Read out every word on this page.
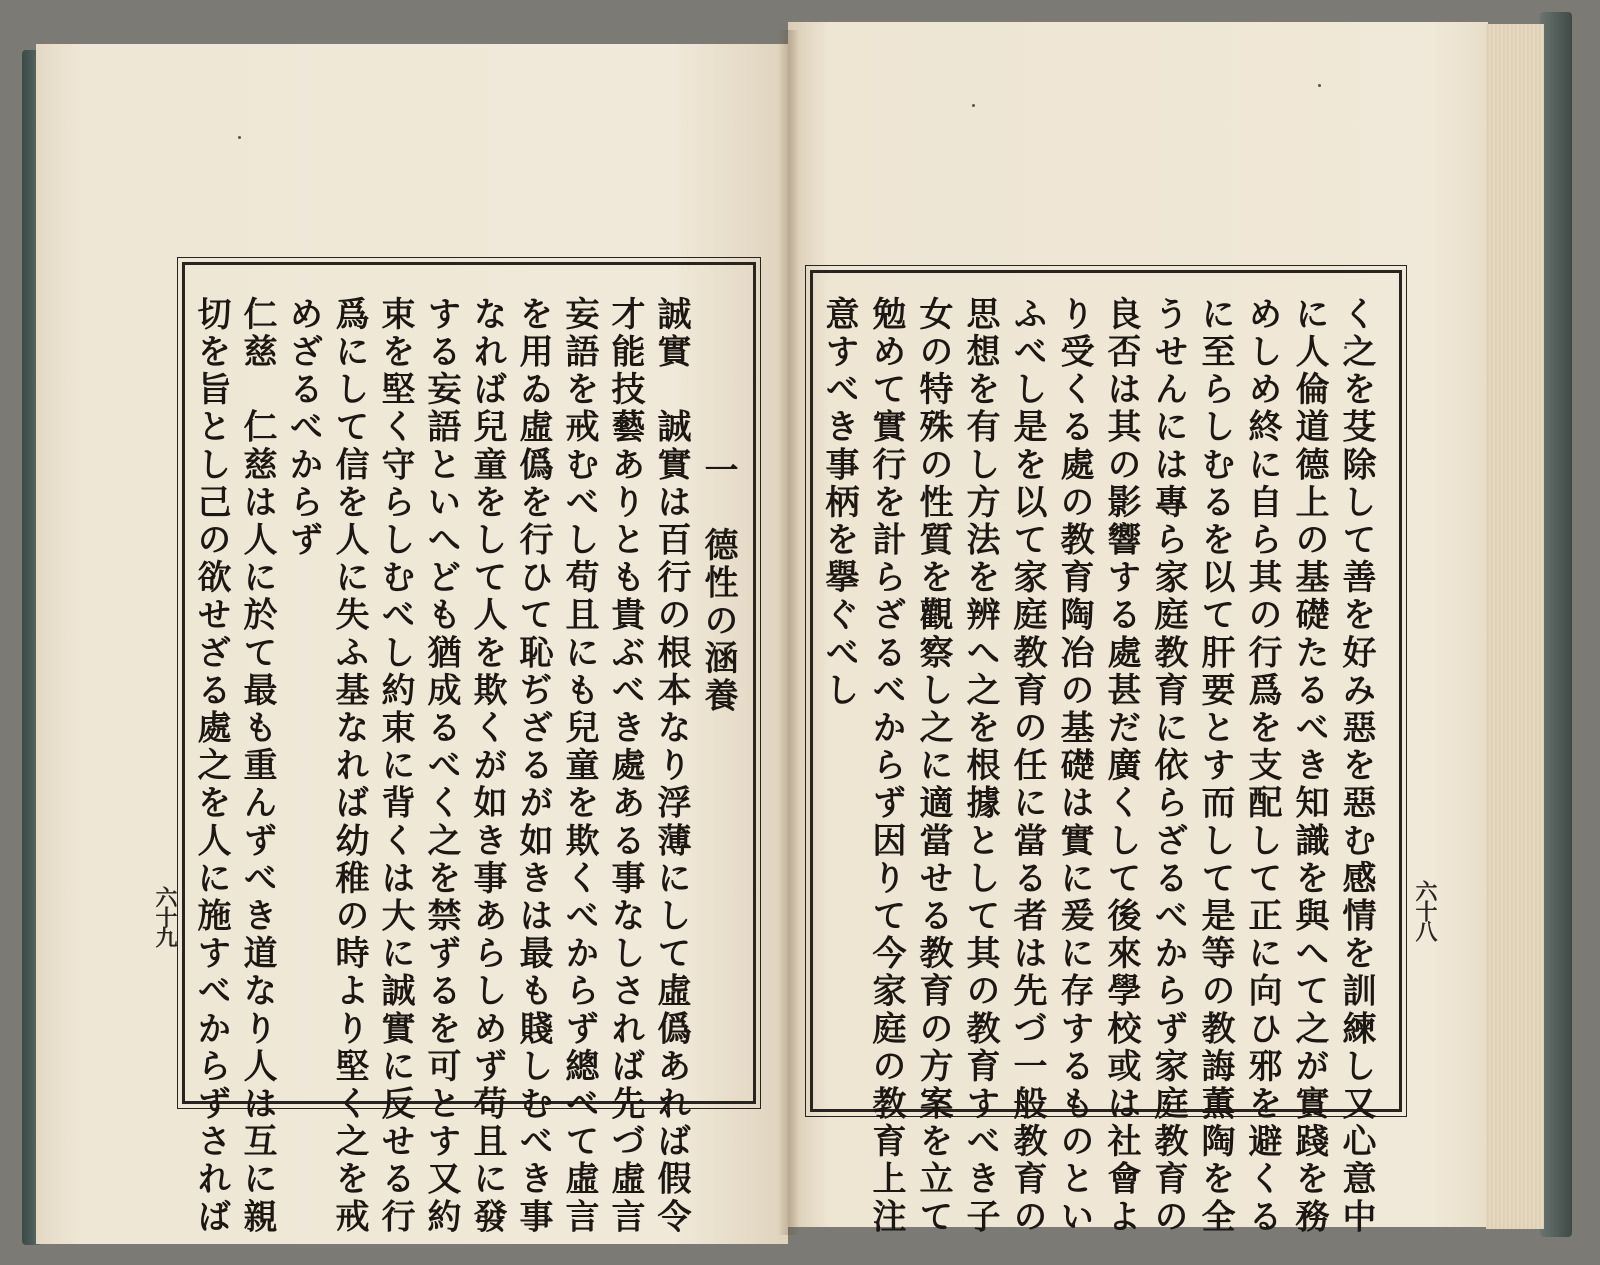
く之を芟除して善を好み惡を惡む感情を訓練し又心意中
に人倫道德上の基礎たるべき知識を與へて之が實踐を務
めしめ終に自ら其の行爲を支配して正に向ひ邪を避くる
に至らしむるを以て肝要とす而して是等の教誨薫陶を全
うせんには專ら家庭教育に依らざるべからず家庭教育の
良否は其の影響する處甚だ廣くして後來學校或は社會よ
り受くる處の教育陶冶の基礎は實に爰に存するものとい
ふべし是を以て家庭教育の任に當る者は先づ一般教育の
思想を有し方法を辨へ之を根據として其の教育すべき子
女の特殊の性質を觀察し之に適當せる教育の方案を立て
勉めて實行を計らざるべからず因りて今家庭の教育上注
意すべき事柄を擧ぐべし
六十八
一　德性の涵養
誠實　誠實は百行の根本なり浮薄にして虛僞あれば假令
才能技藝ありとも貴ぶべき處ある事なしされば先づ虛言
妄語を戒むべし苟且にも兒童を欺くべからず總べて虛言
を用ゐ虛僞を行ひて恥ぢざるが如きは最も賤しむべき事
なれば兒童をして人を欺くが如き事あらしめず苟且に發
する妄語といへども猶成るべく之を禁ずるを可とす又約
束を堅く守らしむべし約束に背くは大に誠實に反せる行
爲にして信を人に失ふ基なれば幼稚の時より堅く之を戒
めざるべからず
仁慈　仁慈は人に於て最も重んずべき道なり人は互に親
切を旨とし己の欲せざる處之を人に施すべからずされば
六十九
